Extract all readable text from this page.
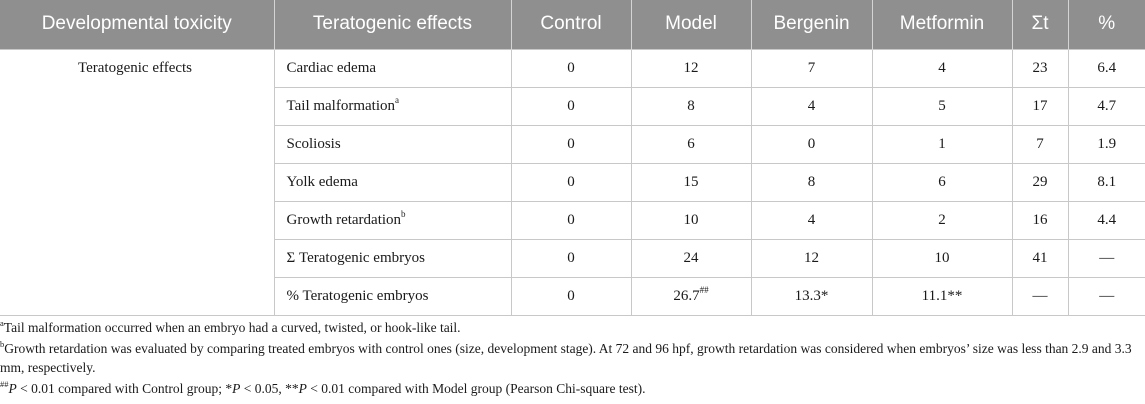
Developmental toxicity	Teratogenic effects	Control	Model	Bergenin	Metformin	Σt	%
Teratogenic effects	Cardiac edema	0	12	7	4	23	6.4
	Tail malformation$^a$	0	8	4	5	17	4.7
	Scoliosis	0	6	0	1	7	1.9
	Yolk edema	0	15	8	6	29	8.1
	Growth retardation$^b$	0	10	4	2	16	4.4
	Σ Teratogenic embryos	0	24	12	10	41	—
	% Teratogenic embryos	0	26.7##	13.3*	11.1**	—	—

$^a$Tail malformation occurred when an embryo had a curved, twisted, or hook-like tail.

$^b$Growth retardation was evaluated by comparing treated embryos with control ones (size, development stage). At 72 and 96 hpf, growth retardation was considered when embryos’ size was less than 2.9 and 3.3 mm, respectively.

##P < 0.01 compared with Control group; *P < 0.05, **P < 0.01 compared with Model group (Pearson Chi-square test).
